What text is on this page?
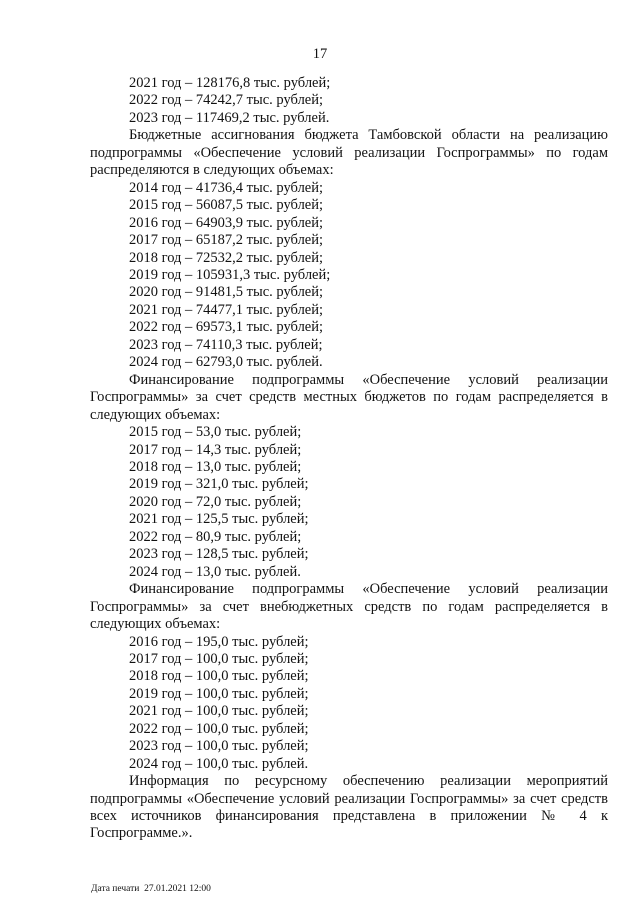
17
2021 год – 128176,8 тыс. рублей;
2022 год – 74242,7 тыс. рублей;
2023 год – 117469,2 тыс. рублей.
Бюджетные ассигнования бюджета Тамбовской области на реализацию подпрограммы «Обеспечение условий реализации Госпрограммы» по годам распределяются в следующих объемах:
2014 год – 41736,4 тыс. рублей;
2015 год – 56087,5 тыс. рублей;
2016 год – 64903,9 тыс. рублей;
2017 год – 65187,2 тыс. рублей;
2018 год – 72532,2 тыс. рублей;
2019 год – 105931,3 тыс. рублей;
2020 год – 91481,5 тыс. рублей;
2021 год – 74477,1 тыс. рублей;
2022 год – 69573,1 тыс. рублей;
2023 год – 74110,3 тыс. рублей;
2024 год – 62793,0 тыс. рублей.
Финансирование подпрограммы «Обеспечение условий реализации Госпрограммы» за счет средств местных бюджетов по годам распределяется в следующих объемах:
2015 год – 53,0 тыс. рублей;
2017 год – 14,3 тыс. рублей;
2018 год – 13,0 тыс. рублей;
2019 год – 321,0 тыс. рублей;
2020 год – 72,0 тыс. рублей;
2021 год – 125,5 тыс. рублей;
2022 год – 80,9 тыс. рублей;
2023 год – 128,5 тыс. рублей;
2024 год – 13,0 тыс. рублей.
Финансирование подпрограммы «Обеспечение условий реализации Госпрограммы» за счет внебюджетных средств по годам распределяется в следующих объемах:
2016 год – 195,0 тыс. рублей;
2017 год – 100,0 тыс. рублей;
2018 год – 100,0 тыс. рублей;
2019 год – 100,0 тыс. рублей;
2021 год – 100,0 тыс. рублей;
2022 год – 100,0 тыс. рублей;
2023 год – 100,0 тыс. рублей;
2024 год – 100,0 тыс. рублей.
Информация по ресурсному обеспечению реализации мероприятий подпрограммы «Обеспечение условий реализации Госпрограммы» за счет средств всех источников финансирования представлена в приложении № 4 к Госпрограмме.».
Дата печати 27.01.2021 12:00
